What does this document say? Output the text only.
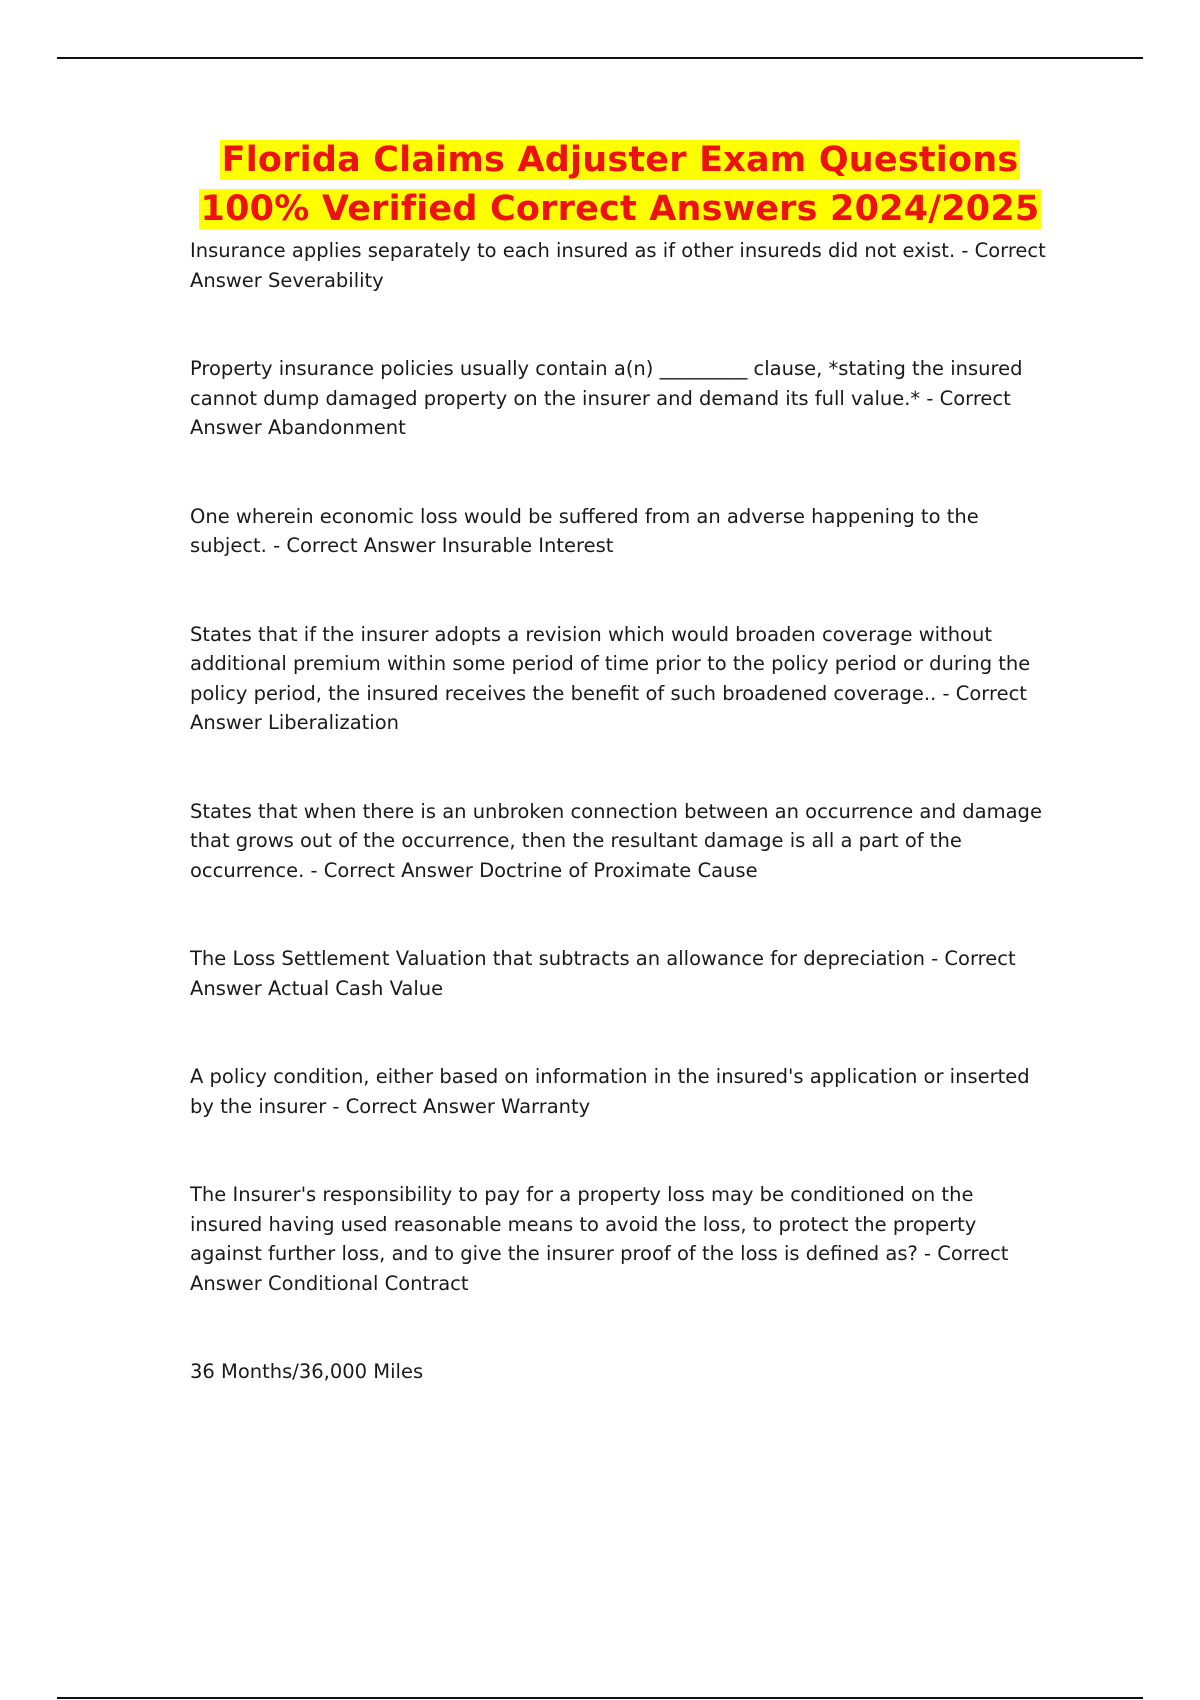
Florida Claims Adjuster Exam Questions 100% Verified Correct Answers 2024/2025

Insurance applies separately to each insured as if other insureds did not exist. - Correct Answer Severability

Property insurance policies usually contain a(n) _________ clause, *stating the insured cannot dump damaged property on the insurer and demand its full value.* - Correct Answer Abandonment

One wherein economic loss would be suffered from an adverse happening to the subject. - Correct Answer Insurable Interest

States that if the insurer adopts a revision which would broaden coverage without additional premium within some period of time prior to the policy period or during the policy period, the insured receives the benefit of such broadened coverage.. - Correct Answer Liberalization

States that when there is an unbroken connection between an occurrence and damage that grows out of the occurrence, then the resultant damage is all a part of the occurrence. - Correct Answer Doctrine of Proximate Cause

The Loss Settlement Valuation that subtracts an allowance for depreciation - Correct Answer Actual Cash Value

A policy condition, either based on information in the insured's application or inserted by the insurer - Correct Answer Warranty

The Insurer's responsibility to pay for a property loss may be conditioned on the insured having used reasonable means to avoid the loss, to protect the property against further loss, and to give the insurer proof of the loss is defined as? - Correct Answer Conditional Contract

36 Months/36,000 Miles
